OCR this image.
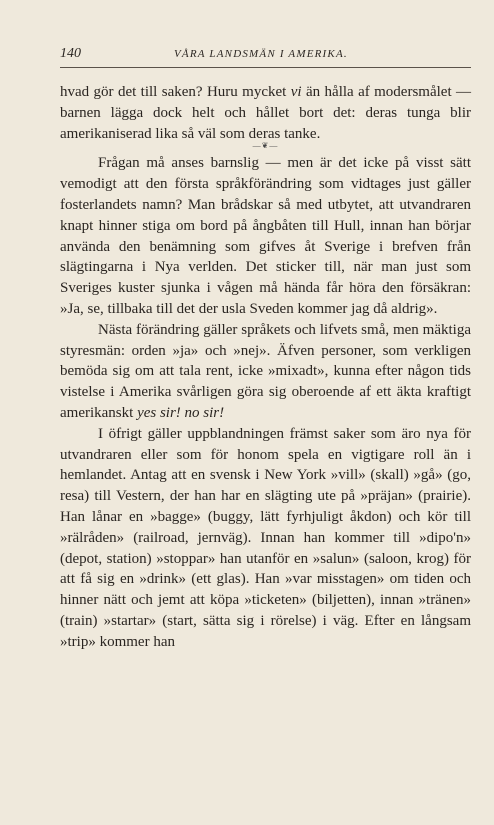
140	VÅRA LANDSMÄN I AMERIKA.

hvad gör det till saken? Huru mycket vi än hålla af modersmålet — barnen lägga dock helt och hållet bort det: deras tunga blir amerikaniserad lika så väl som deras tanke.

—❦—

Frågan må anses barnslig — men är det icke på visst sätt vemodigt att den första språkförändring som vidtages just gäller fosterlandets namn? Man brådskar så med utbytet, att utvandraren knapt hinner stiga om bord på ångbåten till Hull, innan han börjar använda den benämning som gifves åt Sverige i brefven från slägtingarna i Nya verlden. Det sticker till, när man just som Sveriges kuster sjunka i vågen må hända får höra den försäkran: »Ja, se, tillbaka till det der usla Sveden kommer jag då aldrig».

Nästa förändring gäller språkets och lifvets små, men mäktiga styresmän: orden »ja» och »nej». Äfven personer, som verkligen bemöda sig om att tala rent, icke »mixadt», kunna efter någon tids vistelse i Amerika svårligen göra sig oberoende af ett äkta kraftigt amerikanskt yes sir! no sir!

I öfrigt gäller uppblandningen främst saker som äro nya för utvandraren eller som för honom spela en vigtigare roll än i hemlandet. Antag att en svensk i New York »vill» (skall) »gå» (go, resa) till Vestern, der han har en slägting ute på »präjan» (prairie). Han lånar en »bagge» (buggy, lätt fyrhjuligt åkdon) och kör till »rälråden» (railroad, jernväg). Innan han kommer till »dipo'n» (depot, station) »stoppar» han utanför en »salun» (saloon, krog) för att få sig en »drink» (ett glas). Han »var misstagen» om tiden och hinner nätt och jemt att köpa »ticketen» (biljetten), innan »tränen» (train) »startar» (start, sätta sig i rörelse) i väg. Efter en långsam »trip» kommer han
